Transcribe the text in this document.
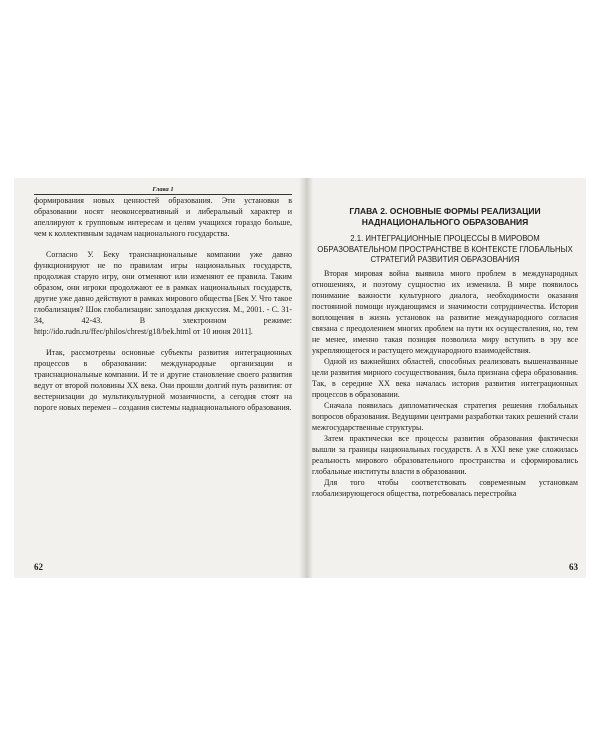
Глава 1

формирования новых ценностей образования. Эти установки в образовании носят неоконсервативный и либеральный характер и апеллируют к групповым интересам и целям учащихся гораздо больше, чем к коллективным задачам национального государства.

Согласно У. Беку транснациональные компании уже давно функционируют не по правилам игры национальных государств, продолжая старую игру, они отменяют или изменяют ее правила. Таким образом, они игроки продолжают ее в рамках национальных государств, другие уже давно действуют в рамках мирового общества [Бек У. Что такое глобализация? Шок глобализации: запоздалая дискуссия. М., 2001. - С. 31-34, 42-43. В электронном режиме: http://ido.rudn.ru/ffec/philos/chrest/g18/bek.html от 10 июня 2011].

Итак, рассмотрены основные субъекты развития интеграционных процессов в образовании: международные организации и транснациональные компании. И те и другие становление своего развития ведут от второй половины XX века. Они прошли долгий путь развития: от вестернизации до мультикультурной мозаичности, а сегодня стоят на пороге новых перемен – создания системы наднационального образования.

62
ГЛАВА 2. ОСНОВНЫЕ ФОРМЫ РЕАЛИЗАЦИИ НАДНАЦИОНАЛЬНОГО ОБРАЗОВАНИЯ
2.1. ИНТЕГРАЦИОННЫЕ ПРОЦЕССЫ В МИРОВОМ ОБРАЗОВАТЕЛЬНОМ ПРОСТРАНСТВЕ В КОНТЕКСТЕ ГЛОБАЛЬНЫХ СТРАТЕГИЙ РАЗВИТИЯ ОБРАЗОВАНИЯ

Вторая мировая война выявила много проблем в международных отношениях, и поэтому сущностно их изменила. В мире появилось понимание важности культурного диалога, необходимости оказания постоянной помощи нуждающимся и значимости сотрудничества. История воплощения в жизнь установок на развитие международного согласия связана с преодолением многих проблем на пути их осуществления, но, тем не менее, именно такая позиция позволила миру вступить в эру все укрепляющегося и растущего международного взаимодействия.

Одной из важнейших областей, способных реализовать вышеназванные цели развития мирного сосуществования, была признана сфера образования. Так, в середине XX века началась история развития интеграционных процессов в образовании.

Сначала появилась дипломатическая стратегия решения глобальных вопросов образования. Ведущими центрами разработки таких решений стали межгосударственные структуры.

Затем практически все процессы развития образования фактически вышли за границы национальных государств. А в XXI веке уже сложилась реальность мирового образовательного пространства и сформировались глобальные институты власти в образовании.

Для того чтобы соответствовать современным установкам глобализирующегося общества, потребовалась перестройка

63
